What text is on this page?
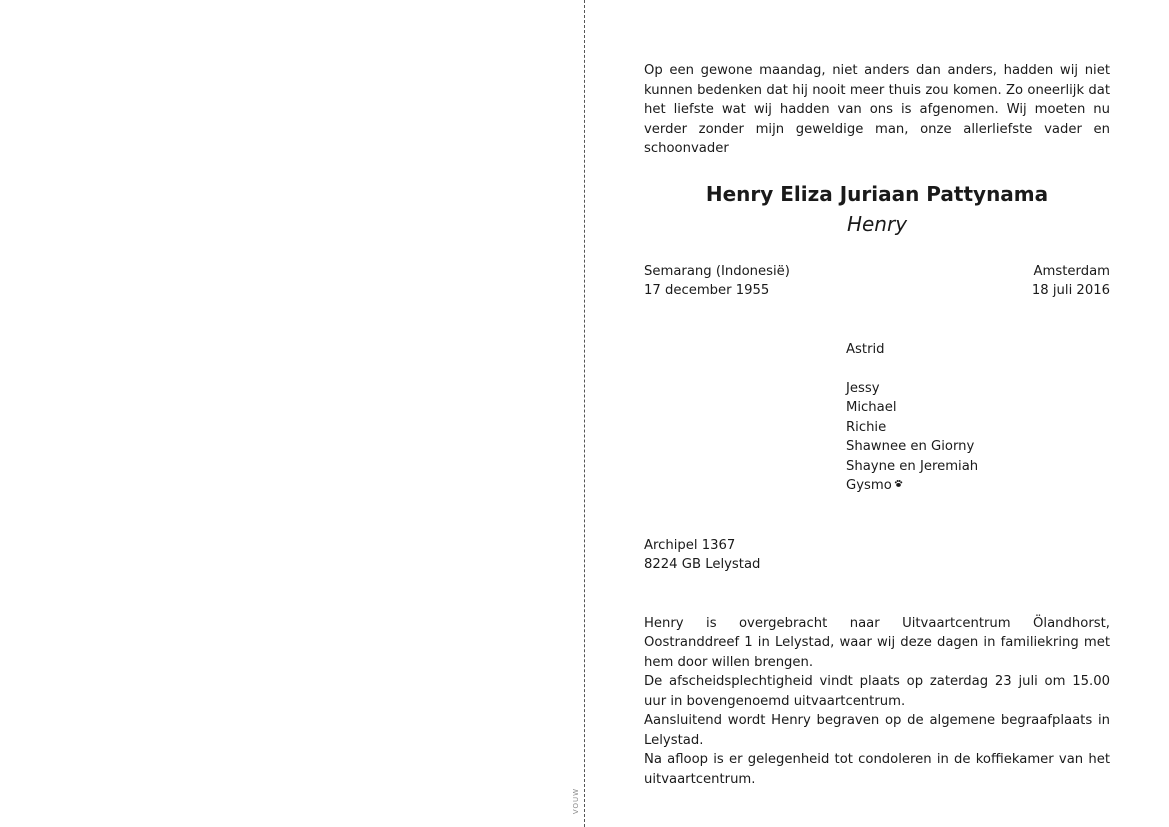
VOUW

Op een gewone maandag, niet anders dan anders, hadden wij niet kunnen bedenken dat hij nooit meer thuis zou komen. Zo oneerlijk dat het liefste wat wij hadden van ons is afgenomen. Wij moeten nu verder zonder mijn geweldige man, onze allerliefste vader en schoonvader

Henry Eliza Juriaan Pattynama
Henry
Semarang (Indonesië)
17 december 1955
Amsterdam
18 juli 2016
Astrid
Jessy
Michael
Richie
Shawnee en Giorny
Shayne en Jeremiah
Gysmo
Archipel 1367
8224 GB Lelystad

Henry is overgebracht naar Uitvaartcentrum Ölandhorst, Oostranddreef 1 in Lelystad, waar wij deze dagen in familiekring met hem door willen brengen.

De afscheidsplechtigheid vindt plaats op zaterdag 23 juli om 15.00 uur in bovengenoemd uitvaartcentrum.

Aansluitend wordt Henry begraven op de algemene begraafplaats in Lelystad.

Na afloop is er gelegenheid tot condoleren in de koffiekamer van het uitvaartcentrum.
